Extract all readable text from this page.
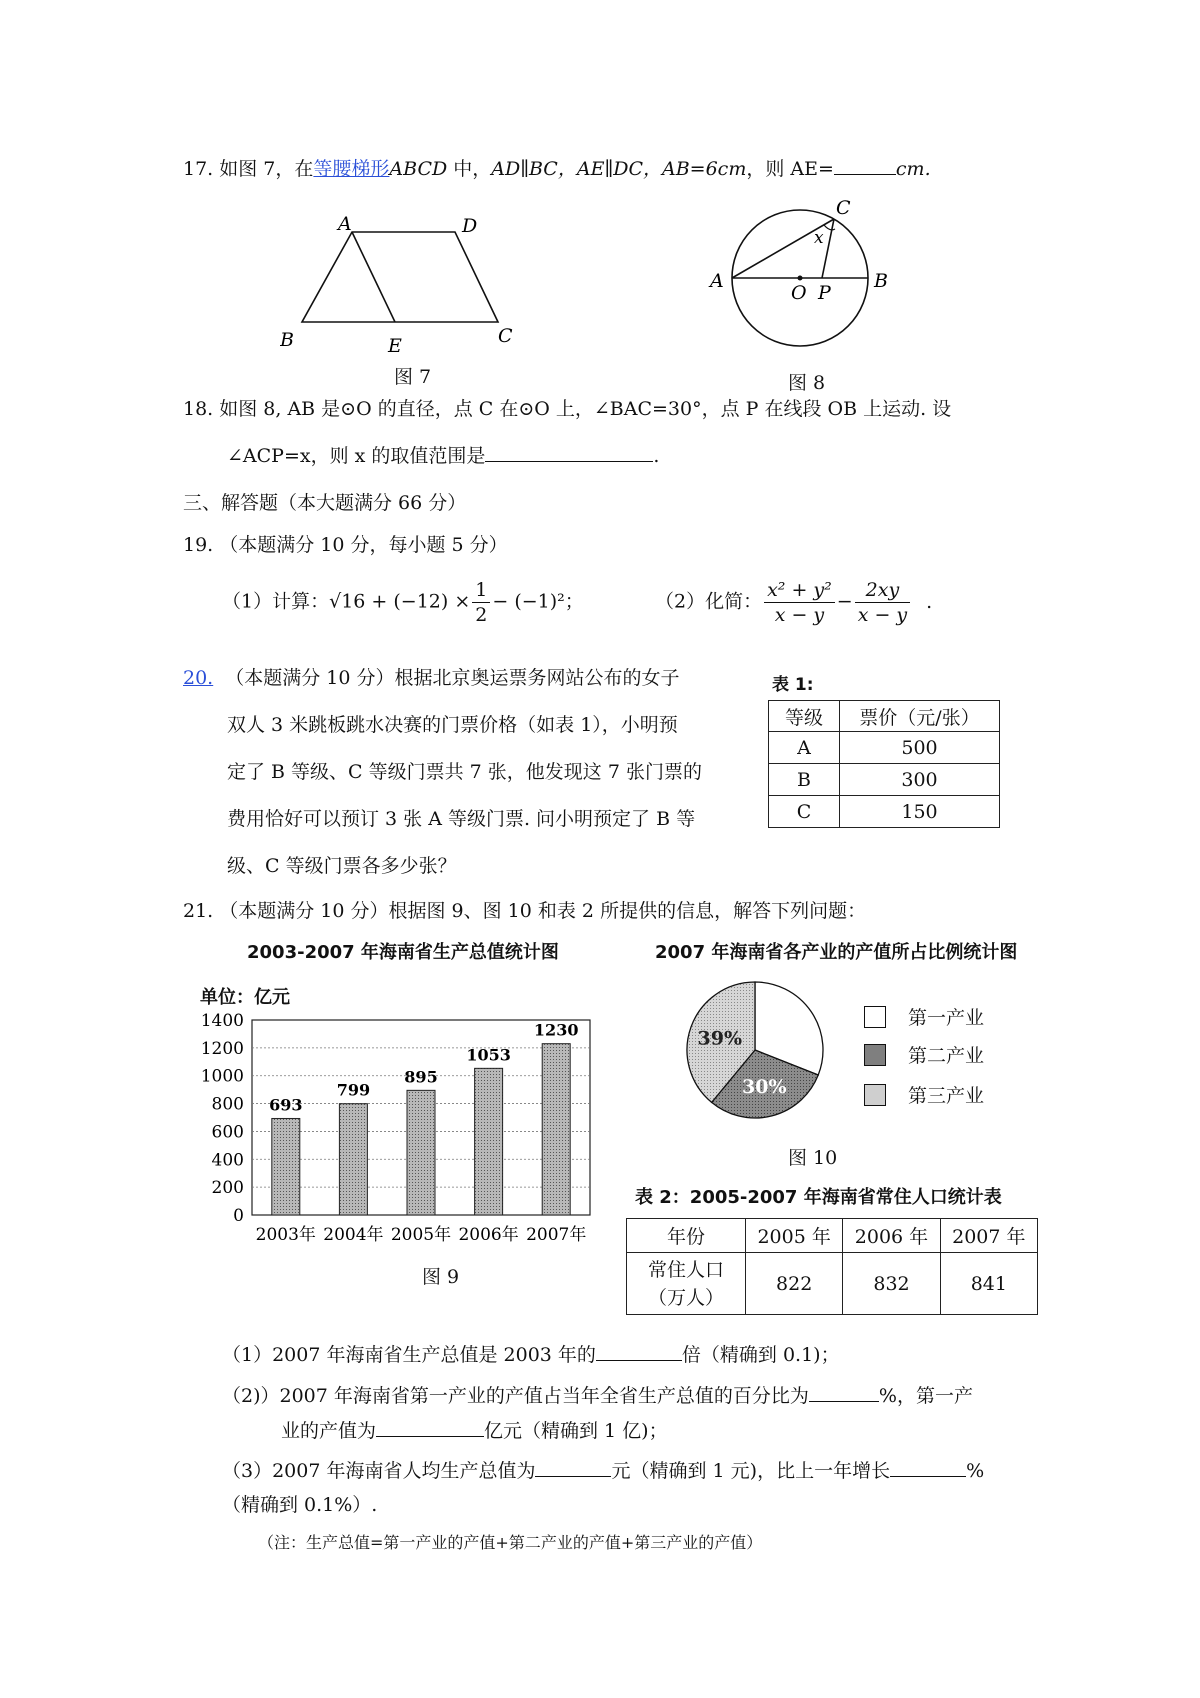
17. 如图 7，在等腰梯形ABCD 中，AD∥BC，AE∥DC，AB=6cm，则 AE=	cm.
A	D
B	E	C
图 7
C
x
A
O P
B
图 8
18. 如图 8, AB 是⊙O 的直径，点 C 在⊙O 上，∠BAC=30°，点 P 在线段 OB 上运动. 设
∠ACP=x，则 x 的取值范围是	.
三、解答题（本大题满分 66 分）
19. （本题满分 10 分，每小题 5 分）
（1）计算：$√16 + (-12) \times \frac{1}{2} - (-1)^2$；	（2）化简： $\frac{\text{x² + y²}}{x - y} - \frac{2xy}{x - y}$ .
20. （本题满分 10 分）根据北京奥运票务网站公布的女子
双人 3 米跳板跳水决赛的门票价格（如表 1），小明预
定了 B 等级、C 等级门票共 7 张，他发现这 7 张门票的
费用恰好可以预订 3 张 A 等级门票. 问小明预定了 B 等
级、C 等级门票各多少张？
表 1:
等级	票价（元/张）
A	500
B	300
C	150
21. （本题满分 10 分）根据图 9、图 10 和表 2 所提供的信息，解答下列问题：
2003-2007 年海南省生产总值统计图	2007 年海南省各产业的产值所占比例统计图
单位：亿元
0
200
400
600
800
1000
1200
1400
693
799
895
1053
1230
2003年 2004年 2005年 2006年 2007年
图 9
30%
39%
第一产业
第二产业
第三产业
图 10
表 2：2005-2007 年海南省常住人口统计表
年份	2005 年	2006 年	2007 年

常住人口
（万人）	822	832	841
（1）2007 年海南省生产总值是 2003 年的	倍（精确到 0.1)；
（2)）2007 年海南省第一产业的产值占当年全省生产总值的百分比为	%，第一产
业的产值为	亿元（精确到 1 亿)；
（3）2007 年海南省人均生产总值为	元（精确到 1 元)，比上一年增长	%
（精确到 0.1%）.
（注：生产总值=第一产业的产值+第二产业的产值+第三产业的产值）
